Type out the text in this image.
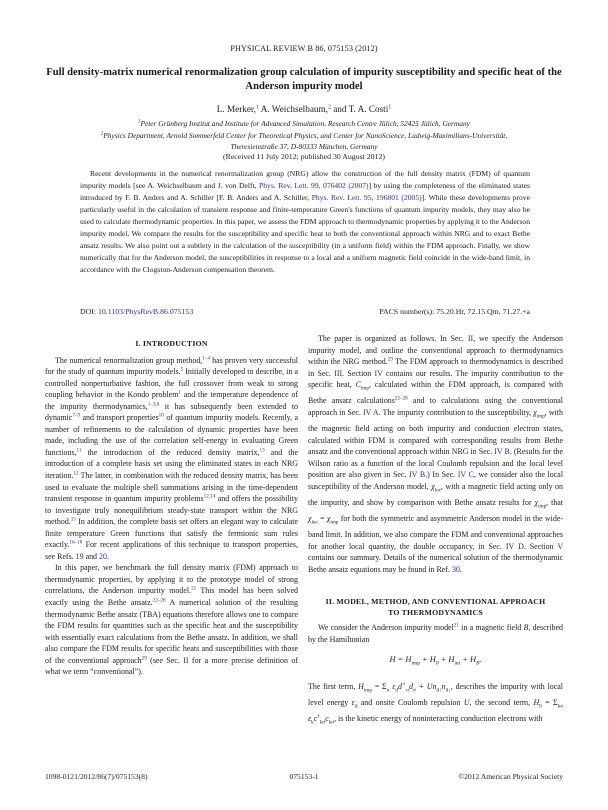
PHYSICAL REVIEW B 86, 075153 (2012)
Full density-matrix numerical renormalization group calculation of impurity susceptibility and specific heat of the Anderson impurity model
L. Merker,$^1$ A. Weichselbaum,$^2$ and T. A. Costi$^1$
$^1$Peter Grünberg Institut and Institute for Advanced Simulation, Research Centre Jülich, 52425 Jülich, Germany
$^2$Physics Department, Arnold Sommerfeld Center for Theoretical Physics, and Center for NanoScience, Ludwig-Maximilians-Universität,
Theresienstraße 37, D-80333 München, Germany
(Received 11 July 2012; published 30 August 2012)

Recent developments in the numerical renormalization group (NRG) allow the construction of the full density matrix (FDM) of quantum impurity models [see A. Weichselbaum and J. von Delft, Phys. Rev. Lett. 99, 076402 (2007)] by using the completeness of the eliminated states introduced by F. B. Anders and A. Schiller [F. B. Anders and A. Schiller, Phys. Rev. Lett. 95, 196801 (2005)]. While these developments prove particularly useful in the calculation of transient response and finite-temperature Green's functions of quantum impurity models, they may also be used to calculate thermodynamic properties. In this paper, we assess the FDM approach to thermodynamic properties by applying it to the Anderson impurity model. We compare the results for the susceptibility and specific heat to both the conventional approach within NRG and to exact Bethe ansatz results. We also point out a subtlety in the calculation of the susceptibility (in a uniform field) within the FDM approach. Finally, we show numerically that for the Anderson model, the susceptibilities in response to a local and a uniform magnetic field coincide in the wide-band limit, in accordance with the Clogston-Anderson compensation theorem.

DOI: 10.1103/PhysRevB.86.075153	PACS number(s): 75.20.Hr, 72.15.Qm, 71.27.+a
I. INTRODUCTION

The numerical renormalization group method,$^{1-4}$ has proven very successful for the study of quantum impurity models.$^5$ Initially developed to describe, in a controlled nonperturbative fashion, the full crossover from weak to strong coupling behavior in the Kondo problem$^1$ and the temperature dependence of the impurity thermodynamics,$^{1-3,6}$ it has subsequently been extended to dynamic$^{7-9}$ and transport properties$^{10}$ of quantum impurity models. Recently, a number of refinements to the calculation of dynamic properties have been made, including the use of the correlation self-energy in evaluating Green functions,$^{11}$ the introduction of the reduced density matrix,$^{13}$ and the introduction of a complete basis set using the eliminated states in each NRG iteration.$^{12}$ The latter, in combination with the reduced density matrix, has been used to evaluate the multiple shell summations arising in the time-dependent transient response in quantum impurity problems$^{12,14}$ and offers the possibility to investigate truly nonequilibrium steady-state transport within the NRG method.$^{15}$ In addition, the complete basis set offers an elegant way to calculate finite temperature Green functions that satisfy the fermionic sum rules exactly.$^{16-18}$ For recent applications of this technique to transport properties, see Refs. 19 and 20.

In this paper, we benchmark the full density matrix (FDM) approach to thermodynamic properties, by applying it to the prototype model of strong correlations, the Anderson impurity model.$^{21}$ This model has been solved exactly using the Bethe ansatz.$^{22-28}$ A numerical solution of the resulting thermodynamic Bethe ansatz (TBA) equations therefore allows one to compare the FDM results for quantities such as the specific heat and the susceptibility with essentially exact calculations from the Bethe ansatz. In addition, we shall also compare the FDM results for specific heats and susceptibilities with those of the conventional approach$^{29}$ (see Sec. II for a more precise definition of what we term “conventional”).

The paper is organized as follows. In Sec. II, we specify the Anderson impurity model, and outline the conventional approach to thermodynamics within the NRG method.$^{29}$ The FDM approach to thermodynamics is described in Sec. III. Section IV contains our results. The impurity contribution to the specific heat, $C_{imp}$, calculated within the FDM approach, is compared with Bethe ansatz calculations$^{22-28}$ and to calculations using the conventional approach in Sec. IV A. The impurity contribution to the susceptibility, $\chi_{imp}$, with the magnetic field acting on both impurity and conduction electron states, calculated within FDM is compared with corresponding results from Bethe ansatz and the conventional approach within NRG in Sec. IV B. (Results for the Wilson ratio as a function of the local Coulomb repulsion and the local level position are also given in Sec. IV B.) In Sec. IV C, we consider also the local susceptibility of the Anderson model, $\chi_{loc}$, with a magnetic field acting only on the impurity, and show by comparison with Bethe ansatz results for $\chi_{imp}$, that $\chi_{loc} = \chi_{imp}$ for both the symmetric and asymmetric Anderson model in the wide-band limit. In addition, we also compare the FDM and conventional approaches for another local quantity, the double occupancy, in Sec. IV D. Section V contains our summary. Details of the numerical solution of the thermodynamic Bethe ansatz equations may be found in Ref. 30.

II. MODEL, METHOD, AND CONVENTIONAL APPROACH
TO THERMODYNAMICS

We consider the Anderson impurity model$^{21}$ in a magnetic field B, described by the Hamiltonian

$H = H_{imp} + H_0 + H_{int} + H_B$.

The first term, $H_{imp} = \Sigma_\sigma$ $\varepsilon_dd^\dagger_\sigma d_\sigma + Un_{d↑}n_{d↓}$, describes the impurity with local level energy $\varepsilon_d$ and onsite Coulomb repulsion U, the second term, $H_0 = \Sigma_{k\sigma}$ $\varepsilon_kc^\dagger_{k\sigma}c_{k\sigma}$, is the kinetic energy of noninteracting conduction electrons with

1098-0121/2012/86(7)/075153(8)	075153-1	©2012 American Physical Society
